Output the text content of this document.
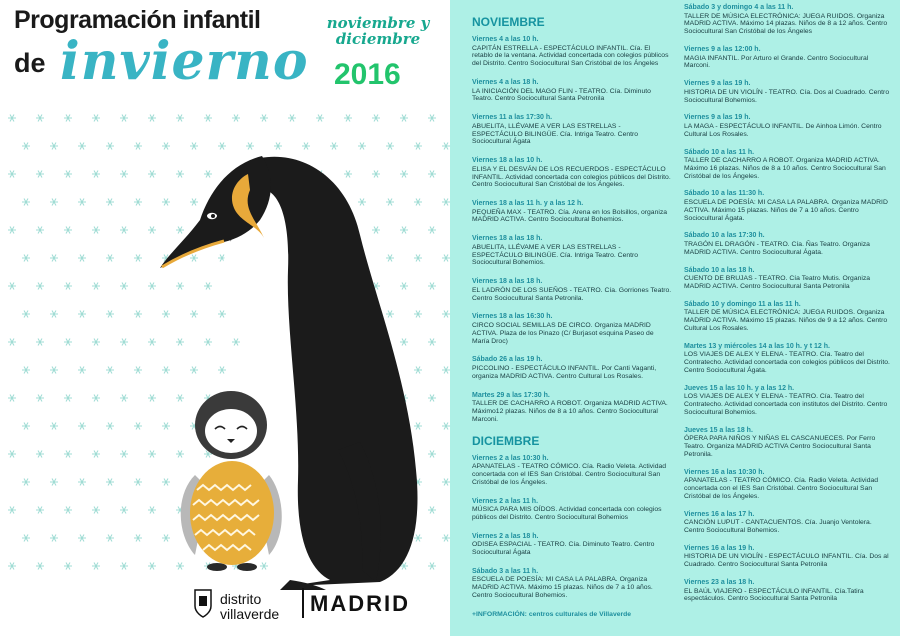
Programación infantil
de invierno
noviembre y diciembre
2016
distrito
villaverde MADRID
NOVIEMBRE
Viernes 4 a las 10 h.
CAPITÁN ESTRELLA - ESPECTÁCULO INFANTIL. Cía. El retablo de la ventana. Actividad concertada con colegios públicos del Distrito. Centro Sociocultural San Cristóbal de los Ángeles
Viernes 4 a las 18 h.
LA INICIACIÓN DEL MAGO FLIN - TEATRO. Cía. Diminuto Teatro. Centro Sociocultural Santa Petronila
Viernes 11 a las 17:30 h.
ABUELITA, LLÉVAME A VER LAS ESTRELLAS - ESPECTÁCULO BILINGÜE. Cía. Intriga Teatro. Centro Sociocultural Ágata
Viernes 18 a las 10 h.
ELISA Y EL DESVÁN DE LOS RECUERDOS - ESPECTÁCULO INFANTIL. Actividad concertada con colegios públicos del Distrito. Centro Sociocultural San Cristóbal de los Ángeles.
Viernes 18 a las 11 h. y a las 12 h.
PEQUEÑA MAX - TEATRO. Cía. Arena en los Bolsillos, organiza MADRID ACTIVA. Centro Sociocultural Bohemios.
Viernes 18 a las 18 h.
ABUELITA, LLÉVAME A VER LAS ESTRELLAS - ESPECTÁCULO BILINGÜE. Cía. Intriga Teatro. Centro Sociocultural Bohemios.
Viernes 18 a las 18 h.
EL LADRÓN DE LOS SUEÑOS - TEATRO. Cía. Gorriones Teatro. Centro Sociocultural Santa Petronila.
Viernes 18 a las 16:30 h.
CIRCO SOCIAL SEMILLAS DE CIRCO. Organiza MADRID ACTIVA. Plaza de los Pinazo (C/ Burjasot esquina Paseo de María Droc)
Sábado 26 a las 19 h.
PICCOLINO - ESPECTÁCULO INFANTIL. Por Canti Vaganti, organiza MADRID ACTIVA. Centro Cultural Los Rosales.
Martes 29 a las 17:30 h.
TALLER DE CACHARRO A ROBOT. Organiza MADRID ACTIVA. Máximo12 plazas. Niños de 8 a 10 años. Centro Sociocultural Marconi.
DICIEMBRE
Viernes 2 a las 10:30 h.
APANATELAS - TEATRO CÓMICO. Cía. Radio Veleta. Actividad concertada con el IES San Cristóbal. Centro Sociocultural San Cristóbal de los Ángeles.
Viernes 2 a las 11 h.
MÚSICA PARA MIS OÍDOS. Actividad concertada con colegios públicos del Distrito. Centro Sociocultural Bohemios
Viernes 2 a las 18 h.
ODISEA ESPACIAL - TEATRO. Cía. Diminuto Teatro. Centro Sociocultural Ágata
Sábado 3 a las 11 h.
ESCUELA DE POESÍA: MI CASA LA PALABRA. Organiza MADRID ACTIVA. Máximo 15 plazas. Niños de 7 a 10 años. Centro Sociocultural Bohemios.
+INFORMACIÓN: centros culturales de Villaverde
Sábado 3 y domingo 4 a las 11 h.
TALLER DE MÚSICA ELECTRÓNICA: JUEGA RUIDOS. Organiza MADRID ACTIVA. Máximo 14 plazas. Niños de 8 a 12 años. Centro Sociocultural San Cristóbal de los Ángeles
Viernes 9 a las 12:00 h.
MAGIA INFANTIL. Por Arturo el Grande. Centro Sociocultural Marconi.
Viernes 9 a las 19 h.
HISTORIA DE UN VIOLÍN - TEATRO. Cía. Dos al Cuadrado. Centro Sociocultural Bohemios.
Viernes 9 a las 19 h.
LA MAGA - ESPECTÁCULO INFANTIL. De Ainhoa Limón. Centro Cultural Los Rosales.
Sábado 10 a las 11 h.
TALLER DE CACHARRO A ROBOT. Organiza MADRID ACTIVA. Máximo 16 plazas. Niños de 8 a 10 años. Centro Sociocultural San Cristóbal de los Ángeles.
Sábado 10 a las 11:30 h.
ESCUELA DE POESÍA: MI CASA LA PALABRA. Organiza MADRID ACTIVA. Máximo 15 plazas. Niños de 7 a 10 años. Centro Sociocultural Ágata.
Sábado 10 a las 17:30 h.
TRAGÓN EL DRAGÓN - TEATRO. Cía. Ñas Teatro. Organiza MADRID ACTIVA. Centro Sociocultural Ágata.
Sábado 10 a las 18 h.
CUENTO DE BRUJAS - TEATRO. Cía Teatro Mutis. Organiza MADRID ACTIVA. Centro Sociocultural Santa Petronila
Sábado 10 y domingo 11 a las 11 h.
TALLER DE MÚSICA ELECTRÓNICA: JUEGA RUIDOS. Organiza MADRID ACTIVA. Máximo 15 plazas. Niños de 9 a 12 años. Centro Cultural Los Rosales.
Martes 13 y miércoles 14 a las 10 h. y t 12 h.
LOS VIAJES DE ALEX Y ELENA - TEATRO. Cía. Teatro del Contratecho. Actividad concertada con colegios públicos del Distrito. Centro Sociocultural Ágata.
Jueves 15 a las 10 h. y a las 12 h.
LOS VIAJES DE ALEX Y ELENA - TEATRO. Cía. Teatro del Contratecho. Actividad concertada con institutos del Distrito. Centro Sociocultural Bohemios.
Jueves 15 a las 18 h.
ÓPERA PARA NIÑOS Y NIÑAS EL CASCANUECES. Por Ferro Teatro. Organiza MADRID ACTIVA Centro Sociocultural Santa Petronila.
Viernes 16 a las 10:30 h.
APANATELAS - TEATRO CÓMICO. Cía. Radio Veleta. Actividad concertada con el IES San Cristóbal. Centro Sociocultural San Cristóbal de los Ángeles.
Viernes 16 a las 17 h.
CANCIÓN LUPUT - CANTACUENTOS. Cía. Juanjo Ventolera. Centro Sociocultural Bohemios.
Viernes 16 a las 19 h.
HISTORIA DE UN VIOLÍN - ESPECTÁCULO INFANTIL. Cía. Dos al Cuadrado. Centro Sociocultural Santa Petronila
Viernes 23 a las 18 h.
EL BAÚL VIAJERO - ESPECTÁCULO INFANTIL. Cía.Tatira espectáculos. Centro Sociocultural Santa Petronila
